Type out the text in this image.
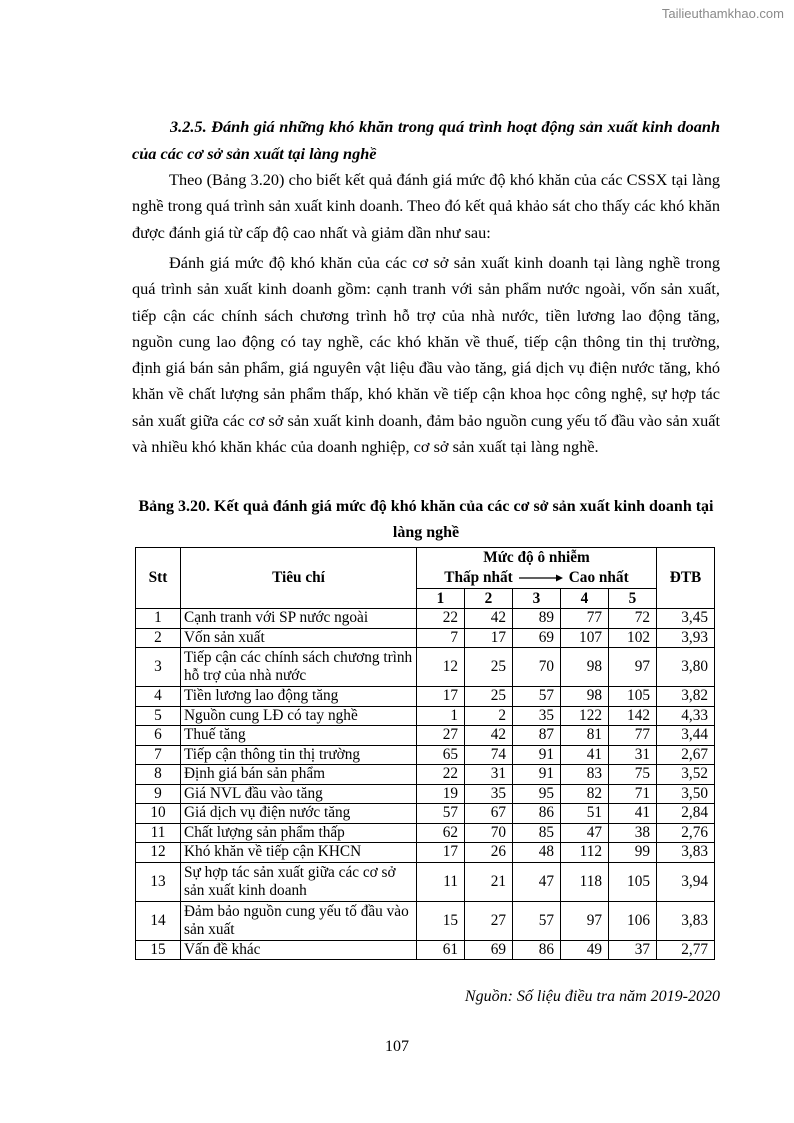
Tailieuthamkhao.com
3.2.5. Đánh giá những khó khăn trong quá trình hoạt động sản xuất kinh doanh của các cơ sở sản xuất tại làng nghề
Theo (Bảng 3.20) cho biết kết quả đánh giá mức độ khó khăn của các CSSX tại làng nghề trong quá trình sản xuất kinh doanh. Theo đó kết quả khảo sát cho thấy các khó khăn được đánh giá từ cấp độ cao nhất và giảm dần như sau:
Đánh giá mức độ khó khăn của các cơ sở sản xuất kinh doanh tại làng nghề trong quá trình sản xuất kinh doanh gồm: cạnh tranh với sản phẩm nước ngoài, vốn sản xuất, tiếp cận các chính sách chương trình hỗ trợ của nhà nước, tiền lương lao động tăng, nguồn cung lao động có tay nghề, các khó khăn về thuế, tiếp cận thông tin thị trường, định giá bán sản phẩm, giá nguyên vật liệu đầu vào tăng, giá dịch vụ điện nước tăng, khó khăn về chất lượng sản phẩm thấp, khó khăn về tiếp cận khoa học công nghệ, sự hợp tác sản xuất giữa các cơ sở sản xuất kinh doanh, đảm bảo nguồn cung yếu tố đầu vào sản xuất và nhiều khó khăn khác của doanh nghiệp, cơ sở sản xuất tại làng nghề.
Bảng 3.20. Kết quả đánh giá mức độ khó khăn của các cơ sở sản xuất kinh doanh tại làng nghề
Stt	Tiêu chí	Mức độ ô nhiễm
Thấp nhất Cao nhất					ĐTB
		1	2	3	4	5	
1	Cạnh tranh với SP nước ngoài	22	42	89	77	72	3,45
2	Vốn sản xuất	7	17	69	107	102	3,93
3	Tiếp cận các chính sách chương trình hỗ trợ của nhà nước	12	25	70	98	97	3,80
4	Tiền lương lao động tăng	17	25	57	98	105	3,82
5	Nguồn cung LĐ có tay nghề	1	2	35	122	142	4,33
6	Thuế tăng	27	42	87	81	77	3,44
7	Tiếp cận thông tin thị trường	65	74	91	41	31	2,67
8	Định giá bán sản phẩm	22	31	91	83	75	3,52
9	Giá NVL đầu vào tăng	19	35	95	82	71	3,50
10	Giá dịch vụ điện nước tăng	57	67	86	51	41	2,84
11	Chất lượng sản phẩm thấp	62	70	85	47	38	2,76
12	Khó khăn về tiếp cận KHCN	17	26	48	112	99	3,83
13	Sự hợp tác sản xuất giữa các cơ sở sản xuất kinh doanh	11	21	47	118	105	3,94
14	Đảm bảo nguồn cung yếu tố đầu vào sản xuất	15	27	57	97	106	3,83
15	Vấn đề khác	61	69	86	49	37	2,77
Nguồn: Số liệu điều tra năm 2019-2020
107
